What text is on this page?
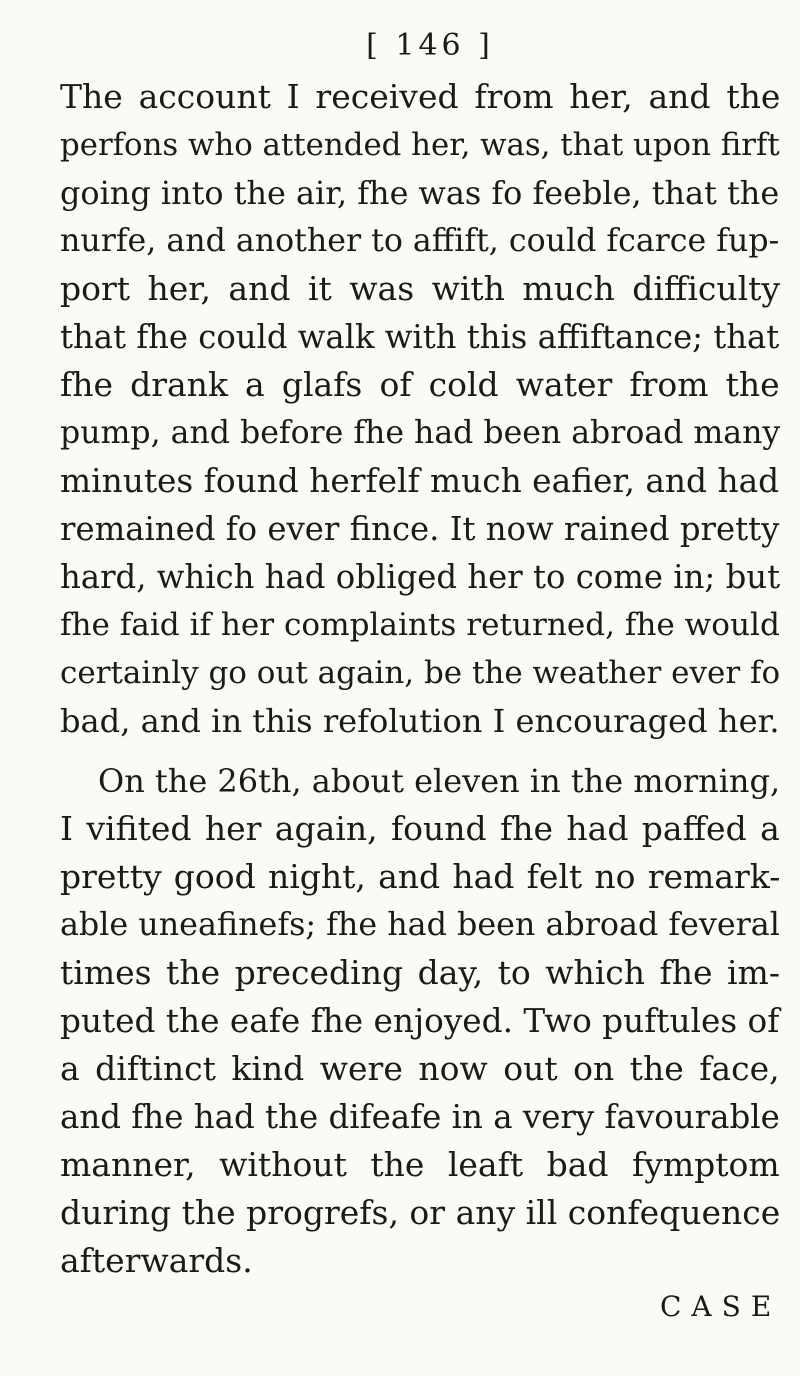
[ 146 ]
The account I received from her, and the
perfons who attended her, was, that upon firft
going into the air, fhe was fo feeble, that the
nurfe, and another to affift, could fcarce fup-
port her, and it was with much difficulty
that fhe could walk with this affiftance; that
fhe drank a glafs of cold water from the
pump, and before fhe had been abroad many
minutes found herfelf much eafier, and had
remained fo ever fince. It now rained pretty
hard, which had obliged her to come in; but
fhe faid if her complaints returned, fhe would
certainly go out again, be the weather ever fo
bad, and in this refolution I encouraged her.
On the 26th, about eleven in the morning,
I vifited her again, found fhe had paffed a
pretty good night, and had felt no remark-
able uneafinefs; fhe had been abroad feveral
times the preceding day, to which fhe im-
puted the eafe fhe enjoyed. Two puftules of
a diftinct kind were now out on the face,
and fhe had the difeafe in a very favourable
manner, without the leaft bad fymptom
during the progrefs, or any ill confequence
afterwards.
CASE
